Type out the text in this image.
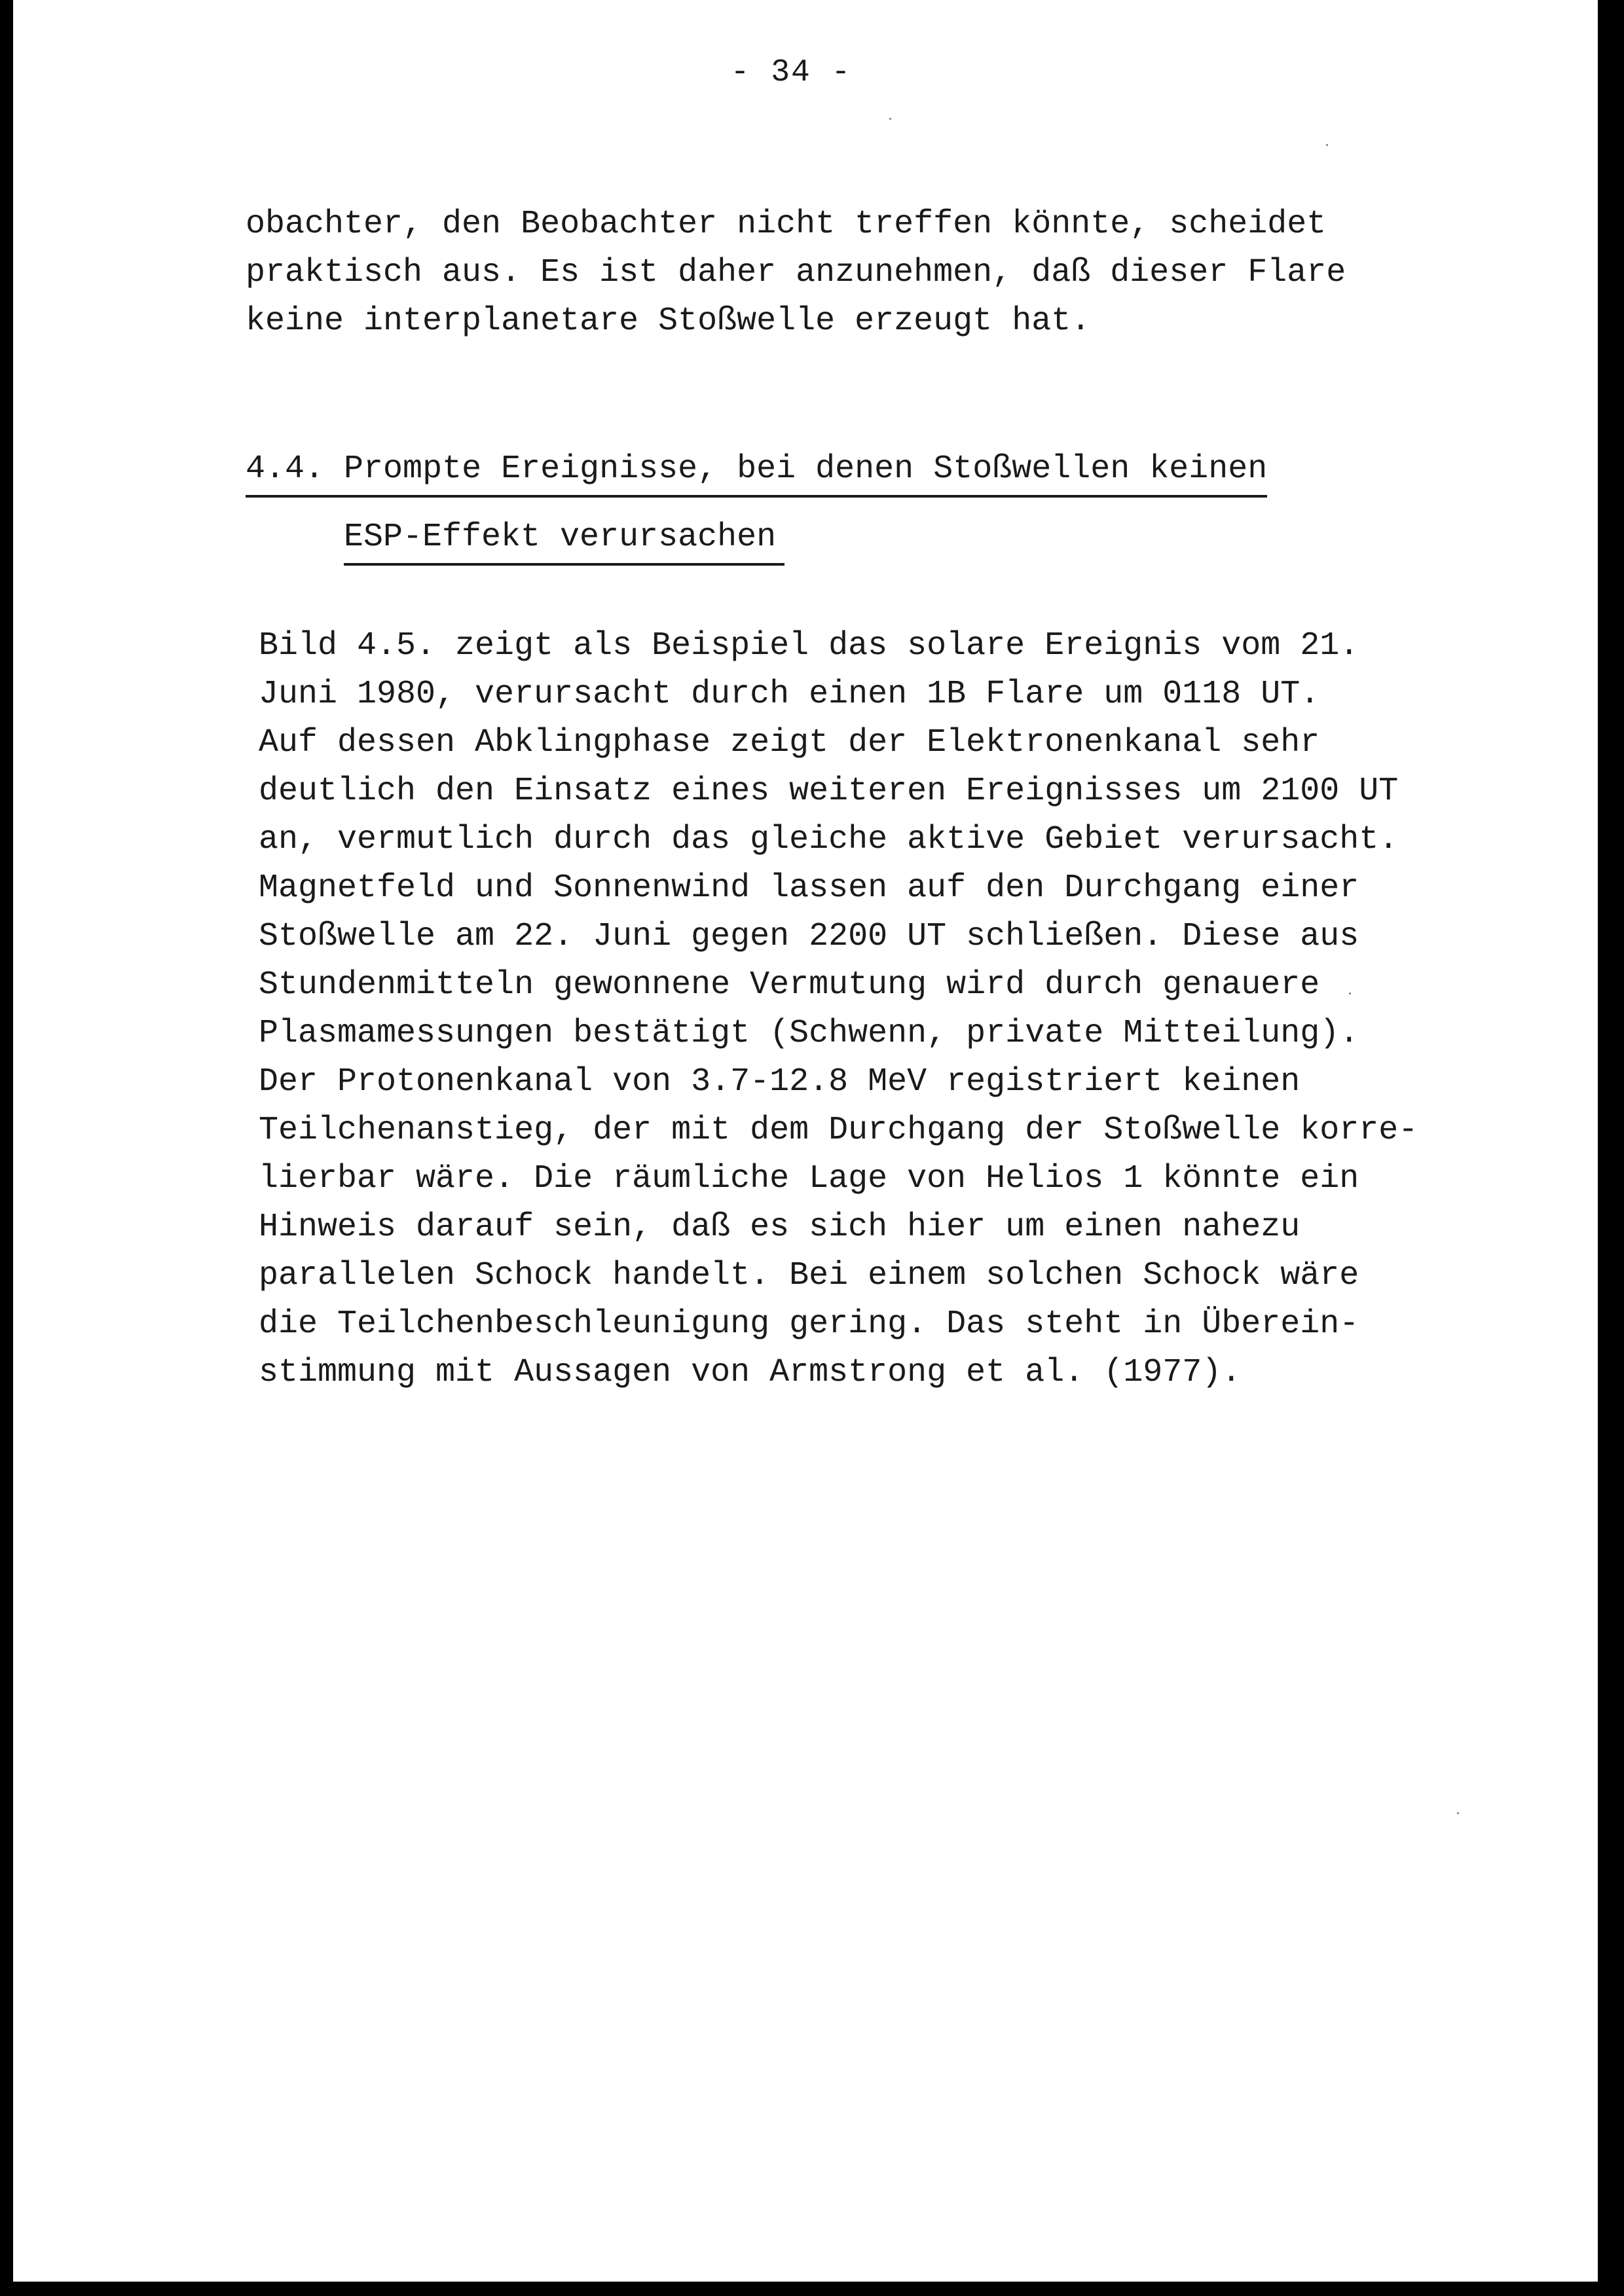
- 34 -
obachter, den Beobachter nicht treffen könnte, scheidet
praktisch aus. Es ist daher anzunehmen, daß dieser Flare
keine interplanetare Stoßwelle erzeugt hat.
4.4. Prompte Ereignisse, bei denen Stoßwellen keinen
ESP-Effekt verursachen
Bild 4.5. zeigt als Beispiel das solare Ereignis vom 21.
Juni 1980, verursacht durch einen 1B Flare um 0118 UT.
Auf dessen Abklingphase zeigt der Elektronenkanal sehr
deutlich den Einsatz eines weiteren Ereignisses um 2100 UT
an, vermutlich durch das gleiche aktive Gebiet verursacht.
Magnetfeld und Sonnenwind lassen auf den Durchgang einer
Stoßwelle am 22. Juni gegen 2200 UT schließen. Diese aus
Stundenmitteln gewonnene Vermutung wird durch genauere
Plasmamessungen bestätigt (Schwenn, private Mitteilung).
Der Protonenkanal von 3.7-12.8 MeV registriert keinen
Teilchenanstieg, der mit dem Durchgang der Stoßwelle korre-
lierbar wäre. Die räumliche Lage von Helios 1 könnte ein
Hinweis darauf sein, daß es sich hier um einen nahezu
parallelen Schock handelt. Bei einem solchen Schock wäre
die Teilchenbeschleunigung gering. Das steht in Überein-
stimmung mit Aussagen von Armstrong et al. (1977).
